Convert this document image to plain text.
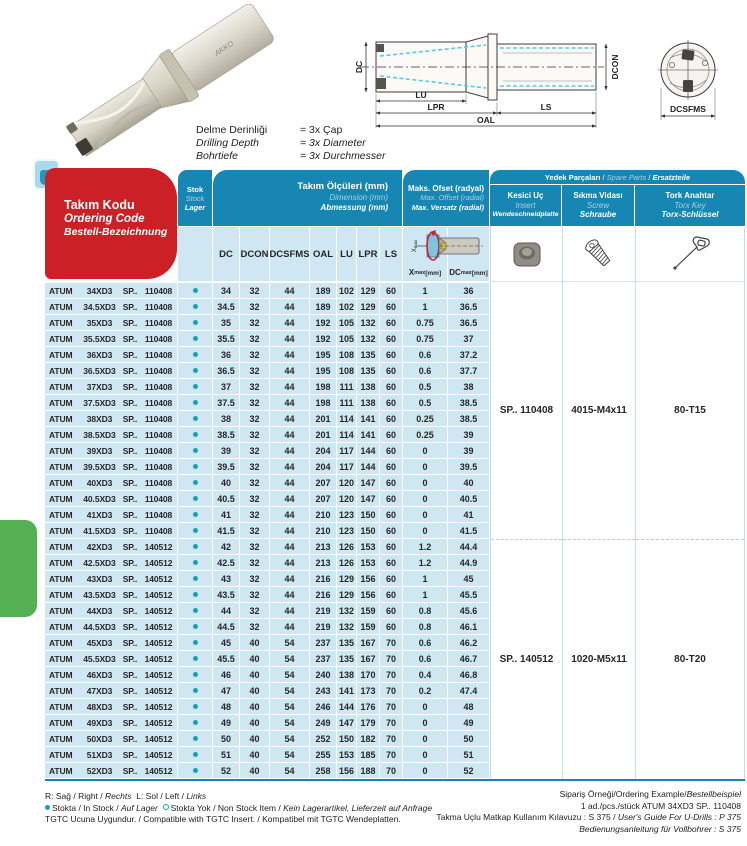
AKKO
Delme Derinliği	= 3x Çap
Drilling Depth	= 3x Diameter
Bohrtiefe	= 3x Durchmesser
DC	DCON
LU
LPR	LS
OAL
DCSFMS
Takım Kodu
Ordering Code
Bestell-Bezeichnung
Stok
Stock
Lager
Takım Ölçüleri (mm)
Dimension (mm)
Abmessung (mm)
Maks. Ofset (radyal)
Max. Offset (radial)
Max. Versatz (radial)
Yedek Parçaları / Spare Parts / Ersatzteile
Kesici Uç
Insert
Wendeschneidplatte
Sıkma Vidası
Screw
Schraube
Tork Anahtar
Torx Key
Torx-Schlüssel
DC DCON DCSFMS OAL LU LPR LS
X max [mm] DC max [mm]
Xmax
SP.. 110408
SP.. 140512
4015-M4x11
1020-M5x11
80-T15
80-T20
ATUM	34XD3	SP.. 110408	34	32	44	189 102 129	60	1	36
ATUM	34.5XD3 SP.. 110408	34.5	32	44	189 102 129	60	1	36.5
ATUM	35XD3	SP.. 110408	35	32	44	192 105 132	60	0.75	36.5
ATUM	35.5XD3 SP.. 110408	35.5	32	44	192 105 132	60	0.75	37
ATUM	36XD3	SP.. 110408	36	32	44	195 108 135	60	0.6	37.2
ATUM	36.5XD3 SP.. 110408	36.5	32	44	195 108 135	60	0.6	37.7
ATUM	37XD3	SP.. 110408	37	32	44	198 111 138	60	0.5	38
ATUM	37.5XD3 SP.. 110408	37.5	32	44	198 111 138	60	0.5	38.5
ATUM	38XD3	SP.. 110408	38	32	44	201 114 141	60	0.25	38.5
ATUM	38.5XD3 SP.. 110408	38.5	32	44	201 114 141	60	0.25	39
ATUM	39XD3	SP.. 110408	39	32	44	204 117 144	60	0	39
ATUM	39.5XD3 SP.. 110408	39.5	32	44	204 117 144	60	0	39.5
ATUM	40XD3	SP.. 110408	40	32	44	207 120 147	60	0	40
ATUM	40.5XD3 SP.. 110408	40.5	32	44	207 120 147	60	0	40.5
ATUM	41XD3	SP.. 110408	41	32	44	210 123 150	60	0	41
ATUM	41.5XD3 SP.. 110408	41.5	32	44	210 123 150	60	0	41.5
ATUM	42XD3	SP.. 140512	42	32	44	213 126 153	60	1.2	44.4
ATUM	42.5XD3 SP.. 140512	42.5	32	44	213 126 153	60	1.2	44.9
ATUM	43XD3	SP.. 140512	43	32	44	216 129 156	60	1	45
ATUM	43.5XD3 SP.. 140512	43.5	32	44	216 129 156	60	1	45.5
ATUM	44XD3	SP.. 140512	44	32	44	219 132 159	60	0.8	45.6
ATUM	44.5XD3 SP.. 140512	44.5	32	44	219 132 159	60	0.8	46.1
ATUM	45XD3	SP.. 140512	45	40	54	237 135 167	70	0.6	46.2
ATUM	45.5XD3 SP.. 140512	45.5	40	54	237 135 167	70	0.6	46.7
ATUM	46XD3	SP.. 140512	46	40	54	240 138 170	70	0.4	46.8
ATUM	47XD3	SP.. 140512	47	40	54	243 141 173	70	0.2	47.4
ATUM	48XD3	SP.. 140512	48	40	54	246 144 176	70	0	48
ATUM	49XD3	SP.. 140512	49	40	54	249 147 179	70	0	49
ATUM	50XD3	SP.. 140512	50	40	54	252 150 182	70	0	50
ATUM	51XD3	SP.. 140512	51	40	54	255 153 185	70	0	51
ATUM	52XD3	SP.. 140512	52	40	54	258 156 188	70	0	52
R: Sağ / Right / Rechts L: Sol / Left / Links
Stokta / In Stock / Auf Lager Stokta Yok / Non Stock Item / Kein Lagerartikel, Lieferzeit auf Anfrage
TGTC Ucuna Uygundur. / Compatible with TGTC Insert. / Kompatibel mit TGTC Wendeplatten.
Sipariş Örneği/Ordering Example/Bestellbeispiel
1 ad./pcs./stück ATUM 34XD3 SP.. 110408
Takma Uçlu Matkap Kullanım Kılavuzu : S 375 / User's Guide For U-Drills : P 375
Bedienungsanleitung für Vollbohrer : S 375
